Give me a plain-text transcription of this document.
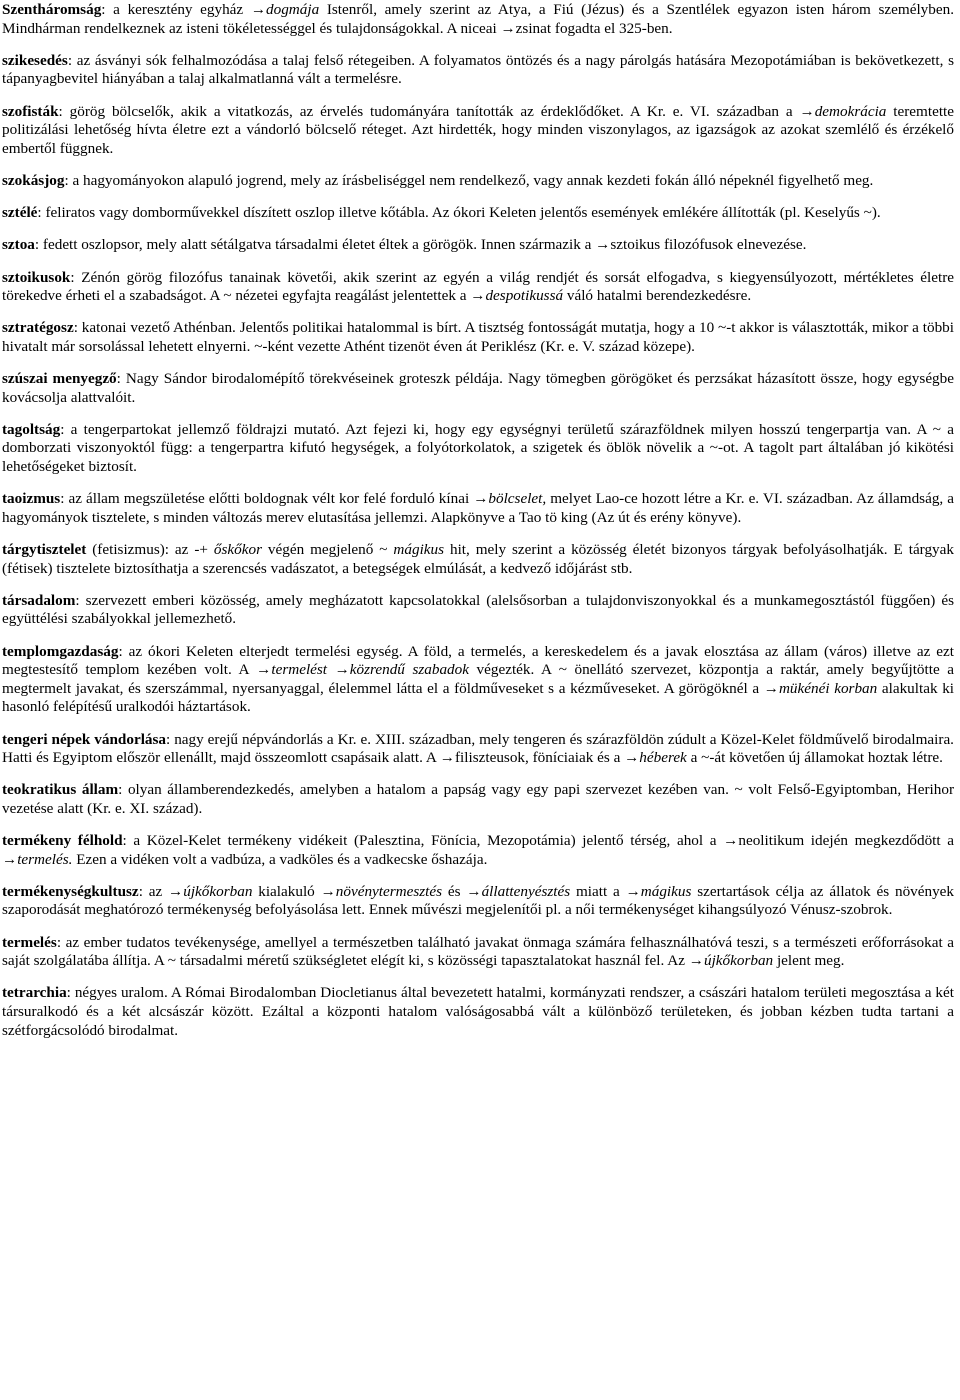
Szentháromság: a keresztény egyház →dogmája Istenről, amely szerint az Atya, a Fiú (Jézus) és a Szentlélek egyazon isten három személyben. Mindhárman rendelkeznek az isteni tökéletességgel és tulajdonságokkal. A niceai →zsinat fogadta el 325-ben.

szikesedés: az ásványi sók felhalmozódása a talaj felső rétegeiben. A folyamatos öntözés és a nagy párolgás hatására Mezopotámiában is bekövetkezett, s tápanyagbevitel hiányában a talaj alkalmatlanná vált a termelésre.

szofisták: görög bölcselők, akik a vitatkozás, az érvelés tudományára tanították az érdeklődőket. A Kr. e. VI. században a →demokrácia teremtette politizálási lehetőség hívta életre ezt a vándorló bölcselő réteget. Azt hirdették, hogy minden viszonylagos, az igazságok az azokat szemlélő és érzékelő embertől függnek.

szokásjog: a hagyományokon alapuló jogrend, mely az írásbeliséggel nem rendelkező, vagy annak kezdeti fokán álló népeknél figyelhető meg.

sztélé: feliratos vagy domborművekkel díszített oszlop illetve kőtábla. Az ókori Keleten jelentős események emlékére állították (pl. Keselyűs ~).

sztoa: fedett oszlopsor, mely alatt sétálgatva társadalmi életet éltek a görögök. Innen származik a →sztoikus filozófusok elnevezése.

sztoikusok: Zénón görög filozófus tanainak követői, akik szerint az egyén a világ rendjét és sorsát elfogadva, s kiegyensúlyozott, mértékletes életre törekedve érheti el a szabadságot. A ~ nézetei egyfajta reagálást jelentettek a →despotikussá váló hatalmi berendezkedésre.

sztratégosz: katonai vezető Athénban. Jelentős politikai hatalommal is bírt. A tisztség fontosságát mutatja, hogy a 10 ~-t akkor is választották, mikor a többi hivatalt már sorsolással lehetett elnyerni. ~-ként vezette Athént tizenöt éven át Periklész (Kr. e. V. század közepe).

szúszai menyegző: Nagy Sándor birodalomépítő törekvéseinek groteszk példája. Nagy tömegben görögöket és perzsákat házasított össze, hogy egységbe kovácsolja alattvalóit.

tagoltság: a tengerpartokat jellemző földrajzi mutató. Azt fejezi ki, hogy egy egységnyi területű szárazföldnek milyen hosszú tengerpartja van. A ~ a domborzati viszonyoktól függ: a tengerpartra kifutó hegységek, a folyótorkolatok, a szigetek és öblök növelik a ~-ot. A tagolt part általában jó kikötési lehetőségeket biztosít.

taoizmus: az állam megszületése előtti boldognak vélt kor felé forduló kínai →bölcselet, melyet Lao-ce hozott létre a Kr. e. VI. században. Az államdság, a hagyományok tisztelete, s minden változás merev elutasítása jellemzi. Alapkönyve a Tao tö king (Az út és erény könyve).

tárgytisztelet (fetisizmus): az -+ őskőkor végén megjelenő ~ mágikus hit, mely szerint a közösség életét bizonyos tárgyak befolyásolhatják. E tárgyak (fétisek) tisztelete biztosíthatja a szerencsés vadászatot, a betegségek elmúlását, a kedvező időjárást stb.

társadalom: szervezett emberi közösség, amely megházatott kapcsolatokkal (alelsősorban a tulajdonviszonyokkal és a munkamegosztástól függően) és együttélési szabályokkal jellemezhető.

templomgazdaság: az ókori Keleten elterjedt termelési egység. A föld, a termelés, a kereskedelem és a javak elosztása az állam (város) illetve az ezt megtestesítő templom kezében volt. A →termelést →közrendű szabadok végezték. A ~ önellátó szervezet, központja a raktár, amely begyűjtötte a megtermelt javakat, és szerszámmal, nyersanyaggal, élelemmel látta el a földműveseket s a kézműveseket. A görögöknél a →mükénéi korban alakultak ki hasonló felépítésű uralkodói háztartások.

tengeri népek vándorlása: nagy erejű népvándorlás a Kr. e. XIII. században, mely tengeren és szárazföldön zúdult a Közel-Kelet földművelő birodalmaira. Hatti és Egyiptom először ellenállt, majd összeomlott csapásaik alatt. A →filiszteusok, föníciaiak és a →héberek a ~-át követően új államokat hoztak létre.

teokratikus állam: olyan államberendezkedés, amelyben a hatalom a papság vagy egy papi szervezet kezében van. ~ volt Felső-Egyiptomban, Herihor vezetése alatt (Kr. e. XI. század).

termékeny félhold: a Közel-Kelet termékeny vidékeit (Palesztina, Fönícia, Mezopotámia) jelentő térség, ahol a →neolitikum idején megkezdődött a →termelés. Ezen a vidéken volt a vadbúza, a vadköles és a vadkecske őshazája.

termékenységkultusz: az →újkőkorban kialakuló →növénytermesztés és →állattenyésztés miatt a →mágikus szertartások célja az állatok és növények szaporodását meghatórozó termékenység befolyásolása lett. Ennek művészi megjelenítői pl. a női termékenységet kihangsúlyozó Vénusz-szobrok.

termelés: az ember tudatos tevékenysége, amellyel a természetben található javakat önmaga számára felhasználhatóvá teszi, s a természeti erőforrásokat a saját szolgálatába állítja. A ~ társadalmi méretű szükségletet elégít ki, s közösségi tapasztalatokat használ fel. Az →újkőkorban jelent meg.

tetrarchia: négyes uralom. A Római Birodalomban Diocletianus által bevezetett hatalmi, kormányzati rendszer, a császári hatalom területi megosztása a két társuralkodó és a két alcsászár között. Ezáltal a központi hatalom valóságosabbá vált a különböző területeken, és jobban kézben tudta tartani a szétforgácsolódó birodalmat.
